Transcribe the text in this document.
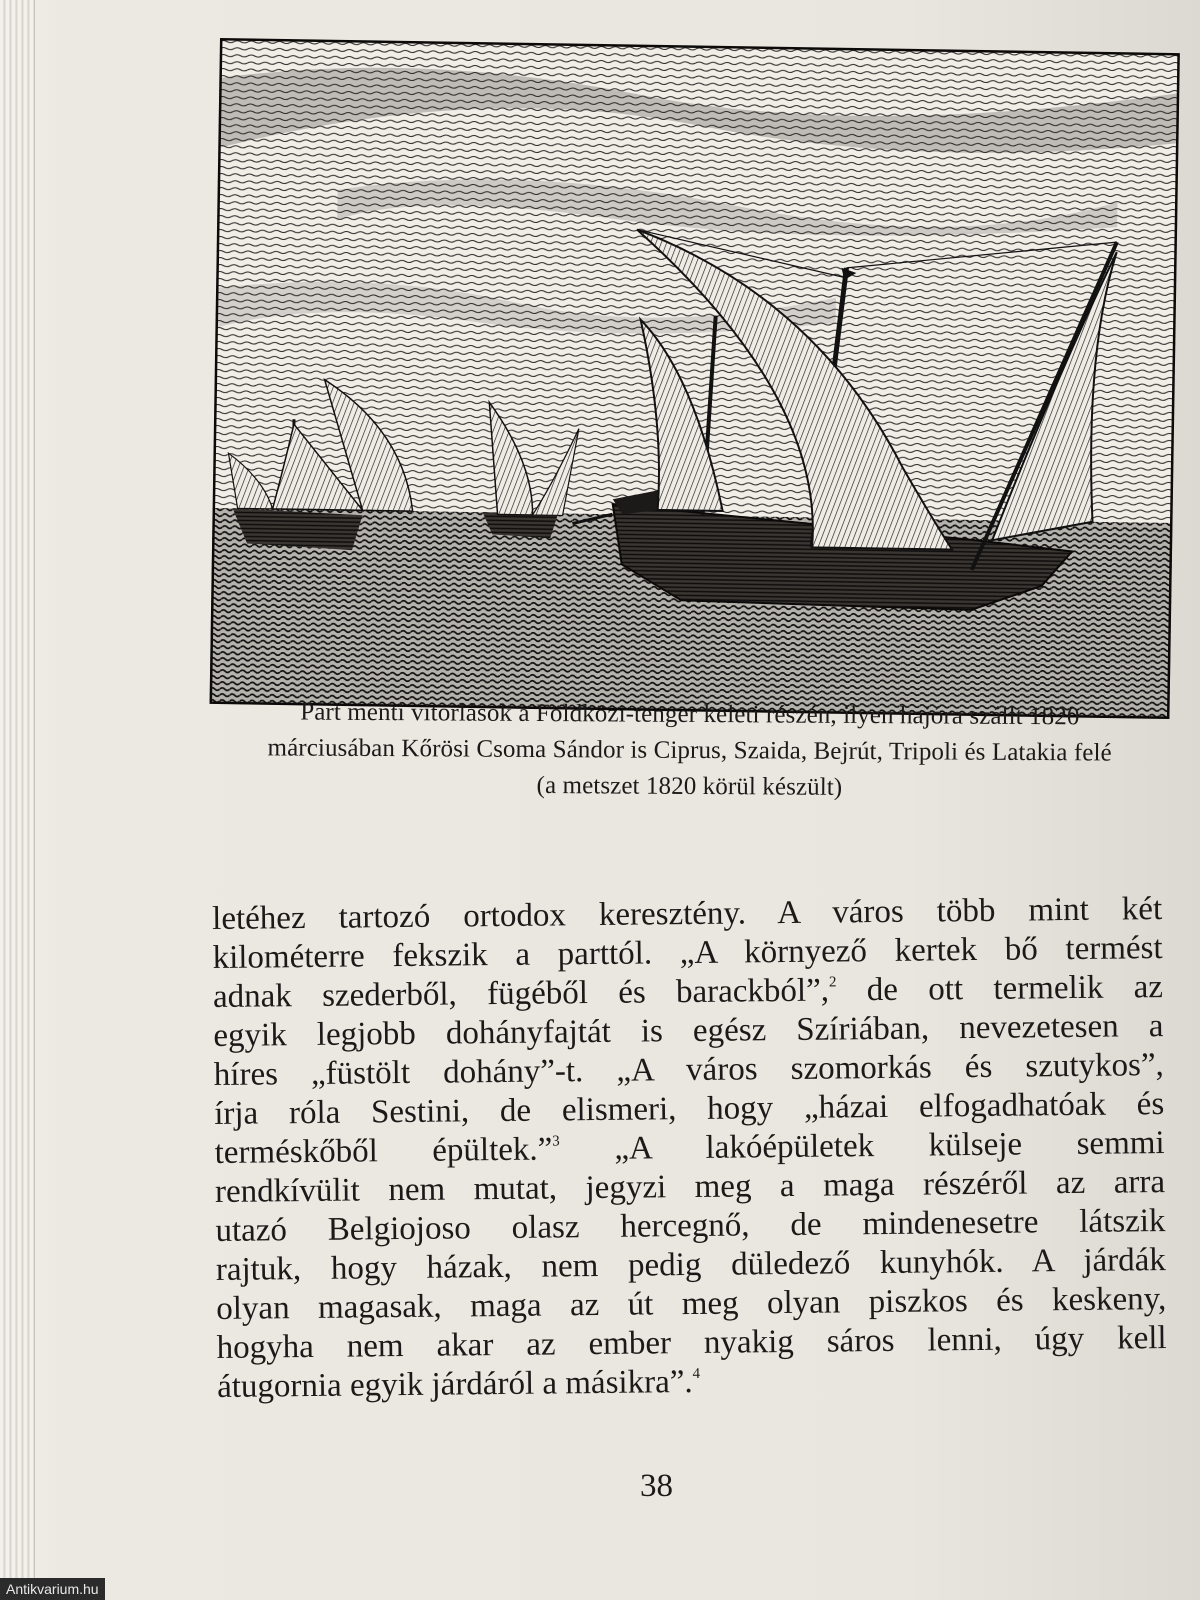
Part menti vitorlások a Földközi-tenger keleti részén, ilyen hajóra szállt 1820
márciusában Kőrösi Csoma Sándor is Ciprus, Szaida, Bejrút, Tripoli és Latakia felé
(a metszet 1820 körül készült)
letéhez tartozó ortodox keresztény. A város több mint két
kilométerre fekszik a parttól. „A környező kertek bő termést
adnak szederből, fügéből és barackból”,$^2$ de ott termelik az
egyik legjobb dohányfajtát is egész Szíriában, nevezetesen a
híres „füstölt dohány”-t. „A város szomorkás és szutykos”,
írja róla Sestini, de elismeri, hogy „házai elfogadhatóak és
terméskőből épültek.”$^3$ „A lakóépületek külseje semmi
rendkívülit nem mutat, jegyzi meg a maga részéről az arra
utazó Belgiojoso olasz hercegnő, de mindenesetre látszik
rajtuk, hogy házak, nem pedig düledező kunyhók. A járdák
olyan magasak, maga az út meg olyan piszkos és keskeny,
hogyha nem akar az ember nyakig sáros lenni, úgy kell
átugornia egyik járdáról a másikra”.$^4$
38
Antikvarium.hu
